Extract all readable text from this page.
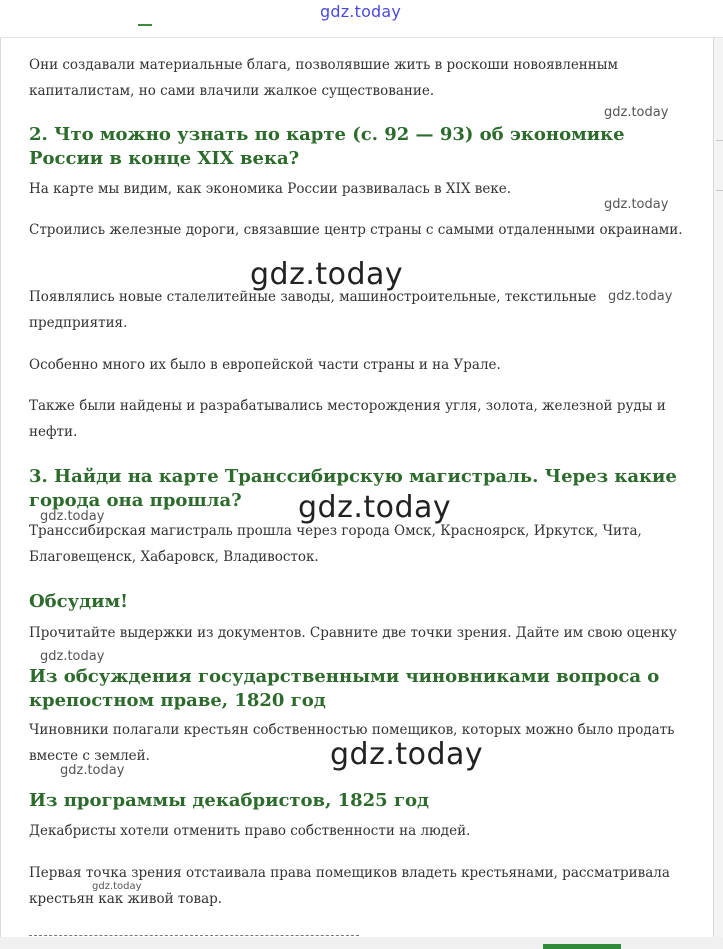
gdz.today

Они создавали материальные блага, позволявшие жить в роскоши новоявленным капиталистам, но сами влачили жалкое существование.

2. Что можно узнать по карте (с. 92 — 93) об экономике России в конце XIX века?

На карте мы видим, как экономика России развивалась в XIX веке.

Строились железные дороги, связавшие центр страны с самыми отдаленными окраинами.

Появлялись новые сталелитейные заводы, машиностроительные, текстильные предприятия.

Особенно много их было в европейской части страны и на Урале.

Также были найдены и разрабатывались месторождения угля, золота, железной руды и нефти.

3. Найди на карте Транссибирскую магистраль. Через какие города она прошла?

Транссибирская магистраль прошла через города Омск, Красноярск, Иркутск, Чита, Благовещенск, Хабаровск, Владивосток.

Обсудим!

Прочитайте выдержки из документов. Сравните две точки зрения. Дайте им свою оценку

Из обсуждения государственными чиновниками вопроса о крепостном праве, 1820 год

Чиновники полагали крестьян собственностью помещиков, которых можно было продать вместе с землей.

Из программы декабристов, 1825 год

Декабристы хотели отменить право собственности на людей.

Первая точка зрения отстаивала права помещиков владеть крестьянами, рассматривала крестьян как живой товар.

gdz.today
gdz.today
gdz.today
gdz.today
gdz.today
gdz.today
gdz.today
gdz.today
gdz.today
gdz.today
